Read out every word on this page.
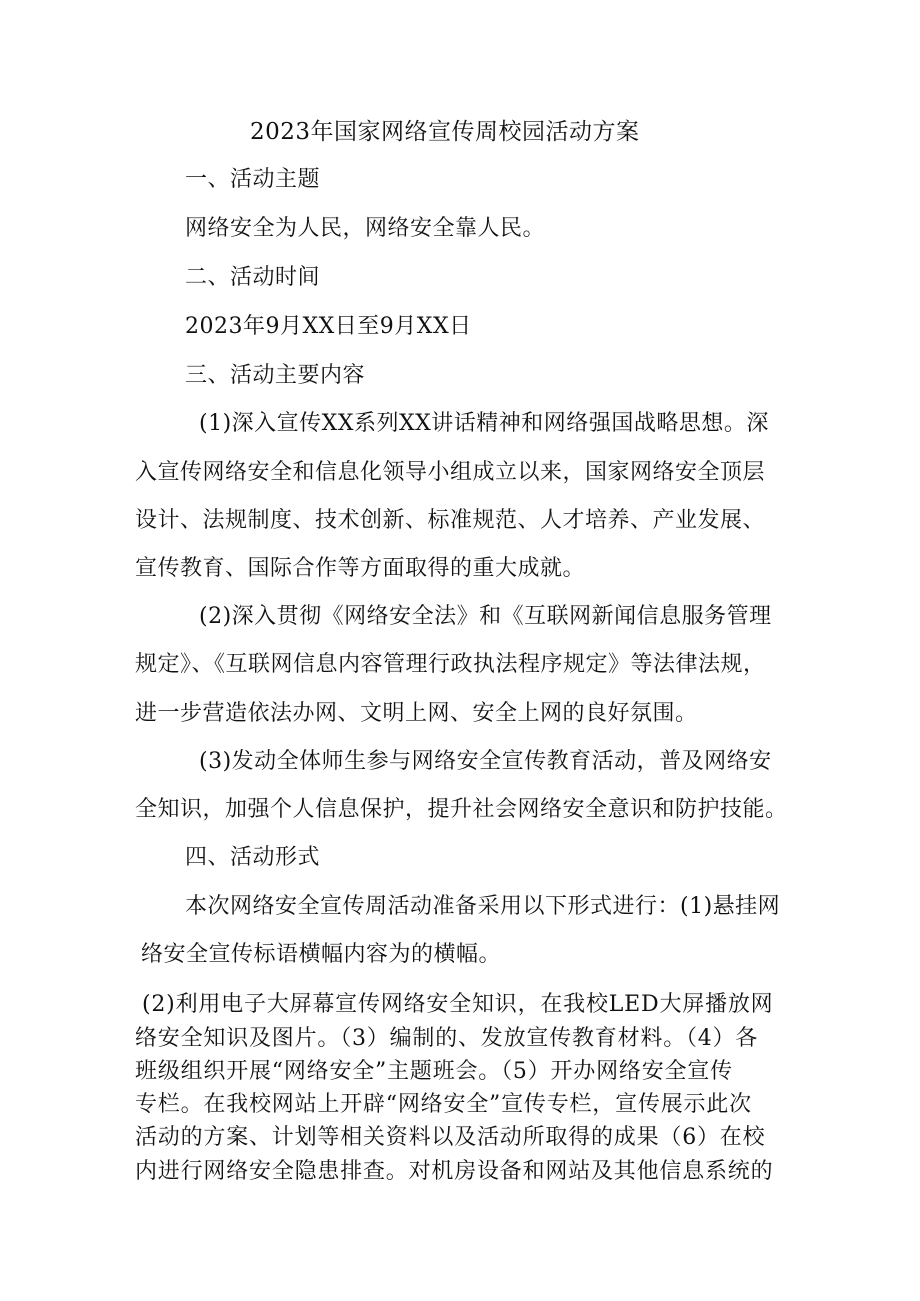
2023年国家网络宣传周校园活动方案
一、活动主题
网络安全为人民，网络安全靠人民。
二、活动时间
2023年9月XX日至9月XX日
三、活动主要内容
(1)深入宣传XX系列XX讲话精神和网络强国战略思想。深
入宣传网络安全和信息化领导小组成立以来，国家网络安全顶层
设计、法规制度、技术创新、标准规范、人才培养、产业发展、
宣传教育、国际合作等方面取得的重大成就。
(2)深入贯彻《网络安全法》和《互联网新闻信息服务管理
规定》、《互联网信息内容管理行政执法程序规定》等法律法规，
进一步营造依法办网、文明上网、安全上网的良好氛围。
(3)发动全体师生参与网络安全宣传教育活动，普及网络安
全知识，加强个人信息保护，提升社会网络安全意识和防护技能。
四、活动形式
本次网络安全宣传周活动准备采用以下形式进行：(1)悬挂网
络安全宣传标语横幅内容为的横幅。
(2)利用电子大屏幕宣传网络安全知识，在我校LED大屏播放网
络安全知识及图片。（3）编制的、发放宣传教育材料。（4）各
班级组织开展“网络安全”主题班会。（5）开办网络安全宣传
专栏。在我校网站上开辟“网络安全”宣传专栏，宣传展示此次
活动的方案、计划等相关资料以及活动所取得的成果（6）在校
内进行网络安全隐患排查。对机房设备和网站及其他信息系统的
